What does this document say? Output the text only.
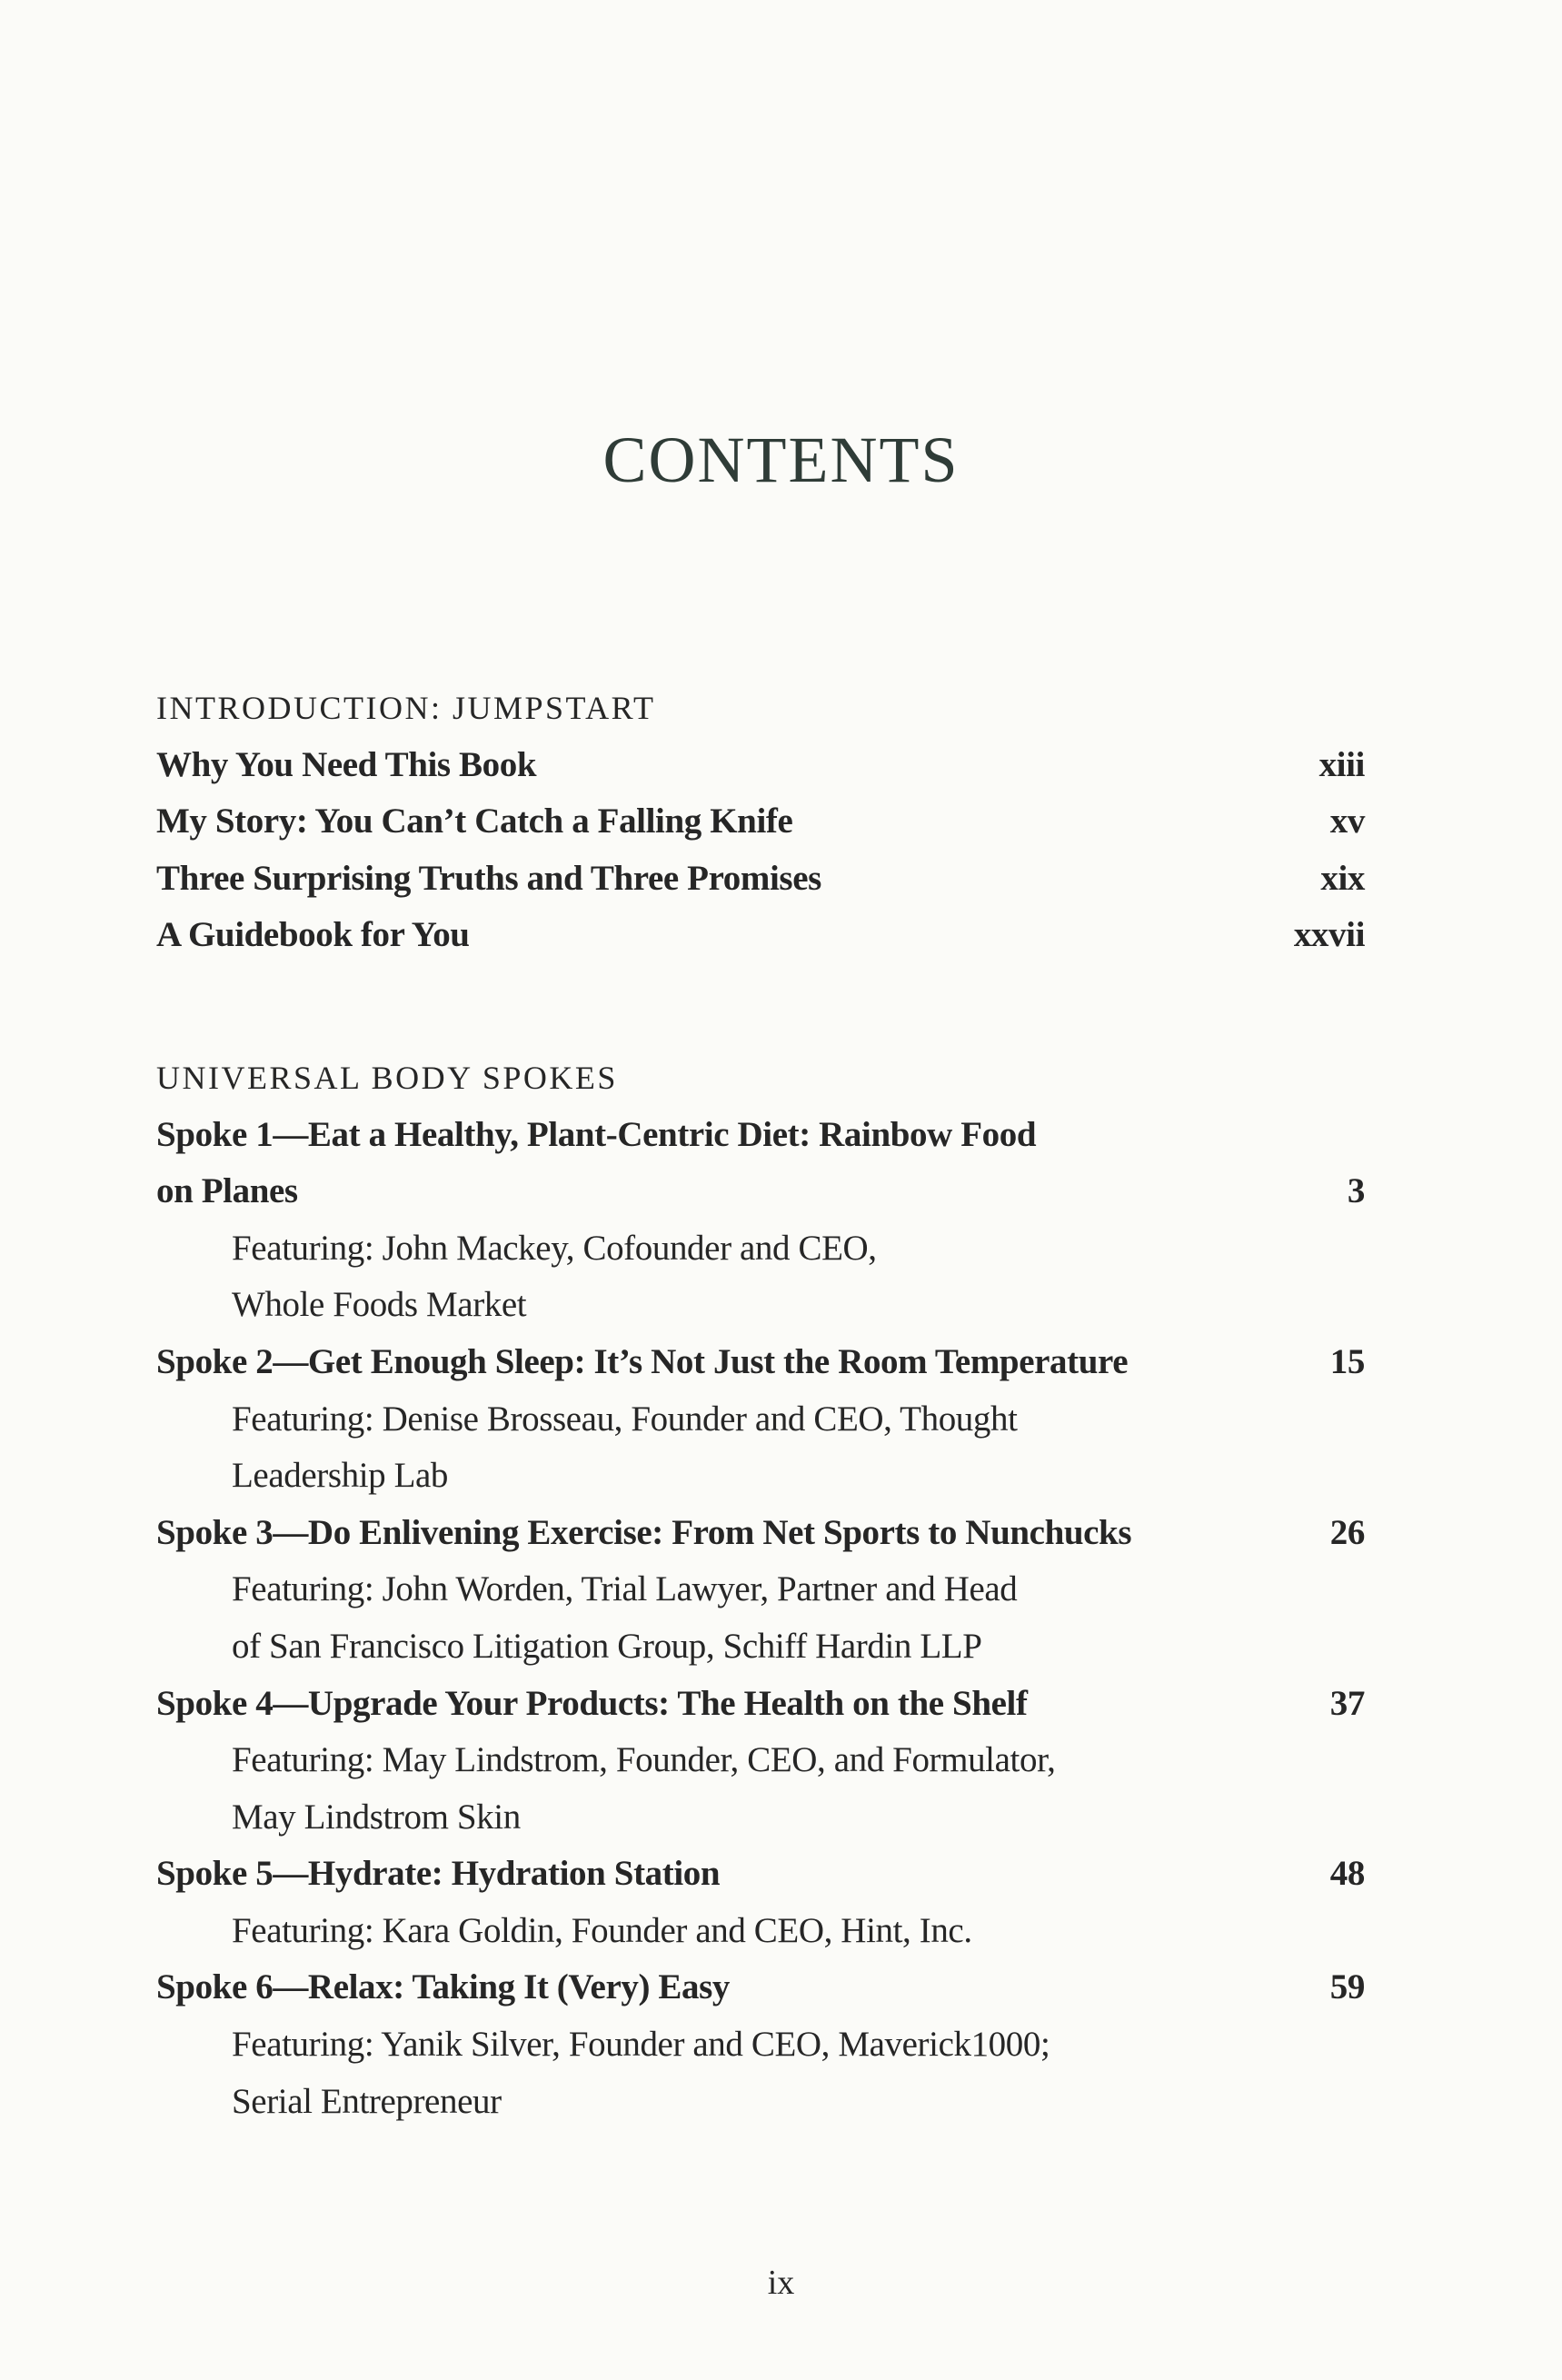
CONTENTS
INTRODUCTION: JUMPSTART
Why You Need This Book	xiii
My Story: You Can’t Catch a Falling Knife	xv
Three Surprising Truths and Three Promises	xix
A Guidebook for You	xxvii
UNIVERSAL BODY SPOKES
Spoke 1—Eat a Healthy, Plant-Centric Diet: Rainbow Food
on Planes	3
Featuring: John Mackey, Cofounder and CEO,
Whole Foods Market
Spoke 2—Get Enough Sleep: It’s Not Just the Room Temperature	15
Featuring: Denise Brosseau, Founder and CEO, Thought
Leadership Lab
Spoke 3—Do Enlivening Exercise: From Net Sports to Nunchucks	26
Featuring: John Worden, Trial Lawyer, Partner and Head
of San Francisco Litigation Group, Schiff Hardin LLP
Spoke 4—Upgrade Your Products: The Health on the Shelf	37
Featuring: May Lindstrom, Founder, CEO, and Formulator,
May Lindstrom Skin
Spoke 5—Hydrate: Hydration Station	48
Featuring: Kara Goldin, Founder and CEO, Hint, Inc.
Spoke 6—Relax: Taking It (Very) Easy	59
Featuring: Yanik Silver, Founder and CEO, Maverick1000;
Serial Entrepreneur
ix
